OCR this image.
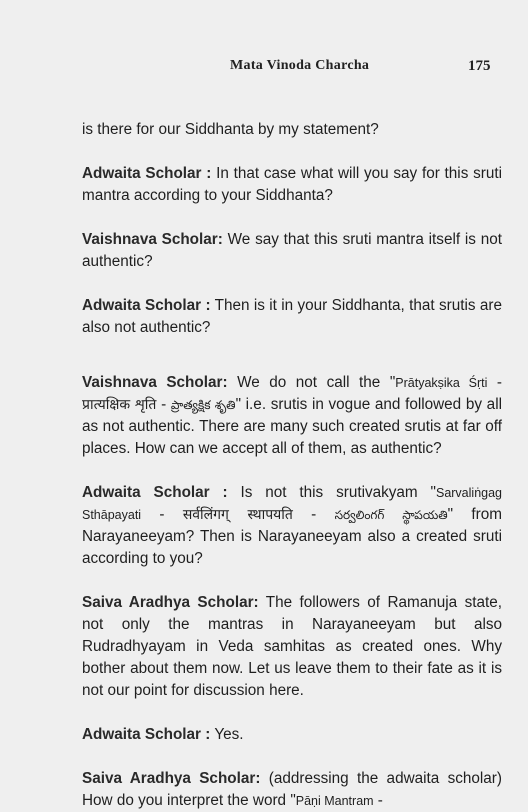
Mata Vinoda Charcha	175

is there for our Siddhanta by my statement?

Adwaita Scholar : In that case what will you say for this sruti mantra according to your Siddhanta?

Vaishnava Scholar: We say that this sruti mantra itself is not authentic?

Adwaita Scholar : Then is it in your Siddhanta, that srutis are also not authentic?

Vaishnava Scholar: We do not call the "Prātyakṣika Śṛti - प्रात्यक्षिक शृति - ప్రాత్యక్షిక శృతి" i.e. srutis in vogue and followed by all as not authentic. There are many such created srutis at far off places. How can we accept all of them, as authentic?

Adwaita Scholar : Is not this srutivakyam "Sarvaliṅgag Sthāpayati - सर्वलिंगग् स्थापयति - సర్వలింగగ్ స్థాపయతి" from Narayaneeyam? Then is Narayaneeyam also a created sruti according to you?

Saiva Aradhya Scholar: The followers of Ramanuja state, not only the mantras in Narayaneeyam but also Rudradhyayam in Veda samhitas as created ones. Why bother about them now. Let us leave them to their fate as it is not our point for discussion here.

Adwaita Scholar : Yes.

Saiva Aradhya Scholar: (addressing the adwaita scholar) How do you interpret the word "Pāṇi Mantram -
